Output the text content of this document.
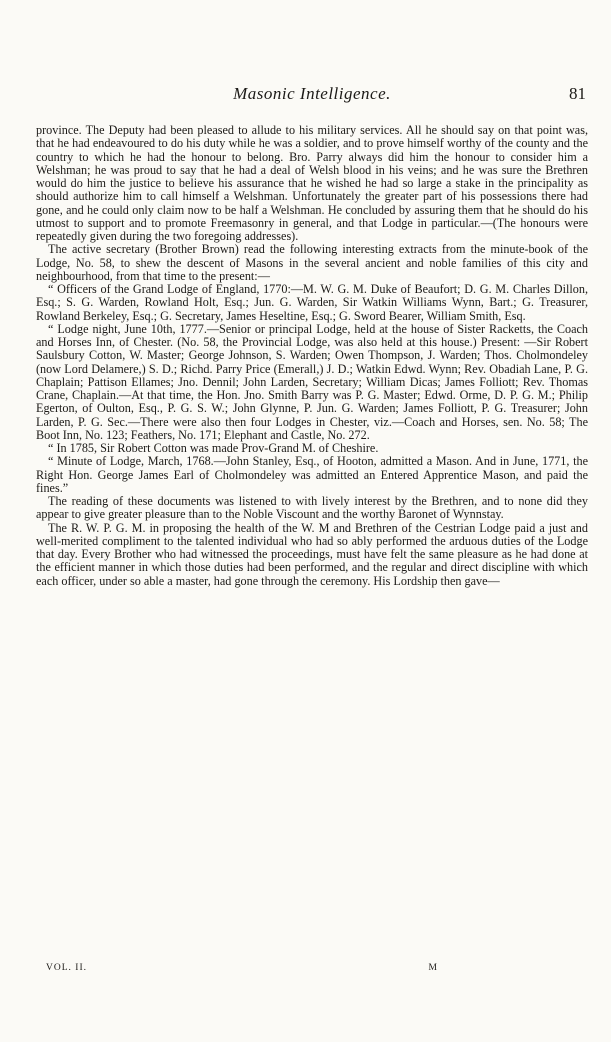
Masonic Intelligence.	81

province. The Deputy had been pleased to allude to his military services. All he should say on that point was, that he had endeavoured to do his duty while he was a soldier, and to prove himself worthy of the county and the country to which he had the honour to belong. Bro. Parry always did him the honour to consider him a Welshman; he was proud to say that he had a deal of Welsh blood in his veins; and he was sure the Brethren would do him the justice to believe his assurance that he wished he had so large a stake in the principality as should authorize him to call himself a Welshman. Unfortunately the greater part of his possessions there had gone, and he could only claim now to be half a Welshman. He concluded by assuring them that he should do his utmost to support and to promote Freemasonry in general, and that Lodge in particular.—(The honours were repeatedly given during the two foregoing addresses).

The active secretary (Brother Brown) read the following interesting extracts from the minute-book of the Lodge, No. 58, to shew the descent of Masons in the several ancient and noble families of this city and neighbourhood, from that time to the present:—

“ Officers of the Grand Lodge of England, 1770:—M. W. G. M. Duke of Beaufort; D. G. M. Charles Dillon, Esq.; S. G. Warden, Rowland Holt, Esq.; Jun. G. Warden, Sir Watkin Williams Wynn, Bart.; G. Treasurer, Rowland Berkeley, Esq.; G. Secretary, James Heseltine, Esq.; G. Sword Bearer, William Smith, Esq.

“ Lodge night, June 10th, 1777.—Senior or principal Lodge, held at the house of Sister Racketts, the Coach and Horses Inn, of Chester. (No. 58, the Provincial Lodge, was also held at this house.) Present: —Sir Robert Saulsbury Cotton, W. Master; George Johnson, S. Warden; Owen Thompson, J. Warden; Thos. Cholmondeley (now Lord Delamere,) S. D.; Richd. Parry Price (Emerall,) J. D.; Watkin Edwd. Wynn; Rev. Obadiah Lane, P. G. Chaplain; Pattison Ellames; Jno. Dennil; John Larden, Secretary; William Dicas; James Folliott; Rev. Thomas Crane, Chaplain.—At that time, the Hon. Jno. Smith Barry was P. G. Master; Edwd. Orme, D. P. G. M.; Philip Egerton, of Oulton, Esq., P. G. S. W.; John Glynne, P. Jun. G. Warden; James Folliott, P. G. Treasurer; John Larden, P. G. Sec.—There were also then four Lodges in Chester, viz.—Coach and Horses, sen. No. 58; The Boot Inn, No. 123; Feathers, No. 171; Elephant and Castle, No. 272.

“ In 1785, Sir Robert Cotton was made Prov-Grand M. of Cheshire.

“ Minute of Lodge, March, 1768.—John Stanley, Esq., of Hooton, admitted a Mason. And in June, 1771, the Right Hon. George James Earl of Cholmondeley was admitted an Entered Apprentice Mason, and paid the fines.”

The reading of these documents was listened to with lively interest by the Brethren, and to none did they appear to give greater pleasure than to the Noble Viscount and the worthy Baronet of Wynnstay.

The R. W. P. G. M. in proposing the health of the W. M and Brethren of the Cestrian Lodge paid a just and well-merited compliment to the talented individual who had so ably performed the arduous duties of the Lodge that day. Every Brother who had witnessed the proceedings, must have felt the same pleasure as he had done at the efficient manner in which those duties had been performed, and the regular and direct discipline with which each officer, under so able a master, had gone through the ceremony. His Lordship then gave—

VOL. II.	M
